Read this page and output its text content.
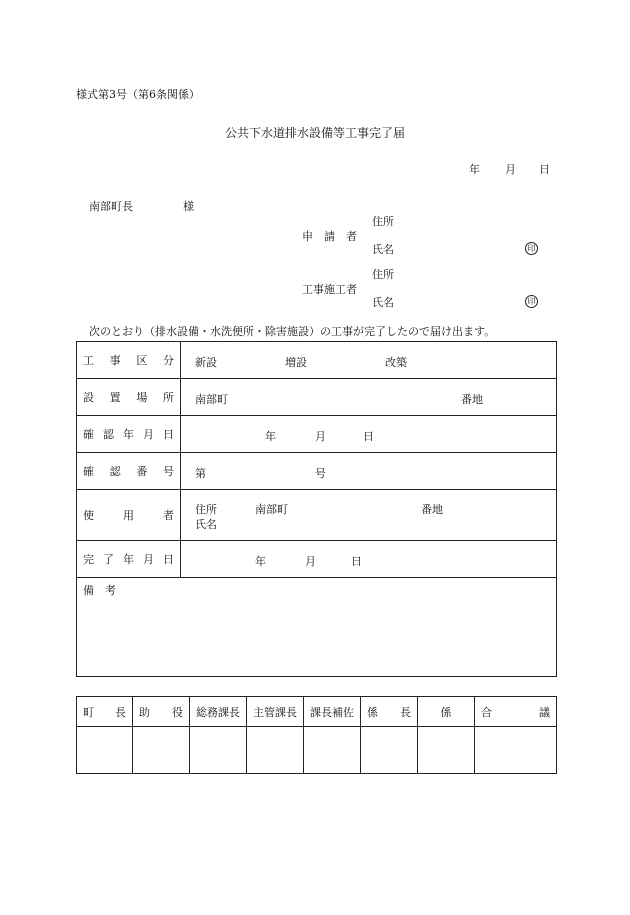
様式第3号（第6条関係）
公共下水道排水設備等工事完了届
年 月 日
南部町長	様
申　請　者
住所
氏名	印
工事施工者
住所
氏名	印
次のとおり（排水設備・水洗便所・除害施設）の工事が完了したので届け出ます。
工事区分	新設 増設 改築

設置場所	南部町 番地

確認年月日	年 月 日

確認番号	第 号

使用者	住所 南部町 番地
氏名

完了年月日	年 月 日

備　考	
町長	助役	総務課長	主管課長	課長補佐	係長	係	合議
